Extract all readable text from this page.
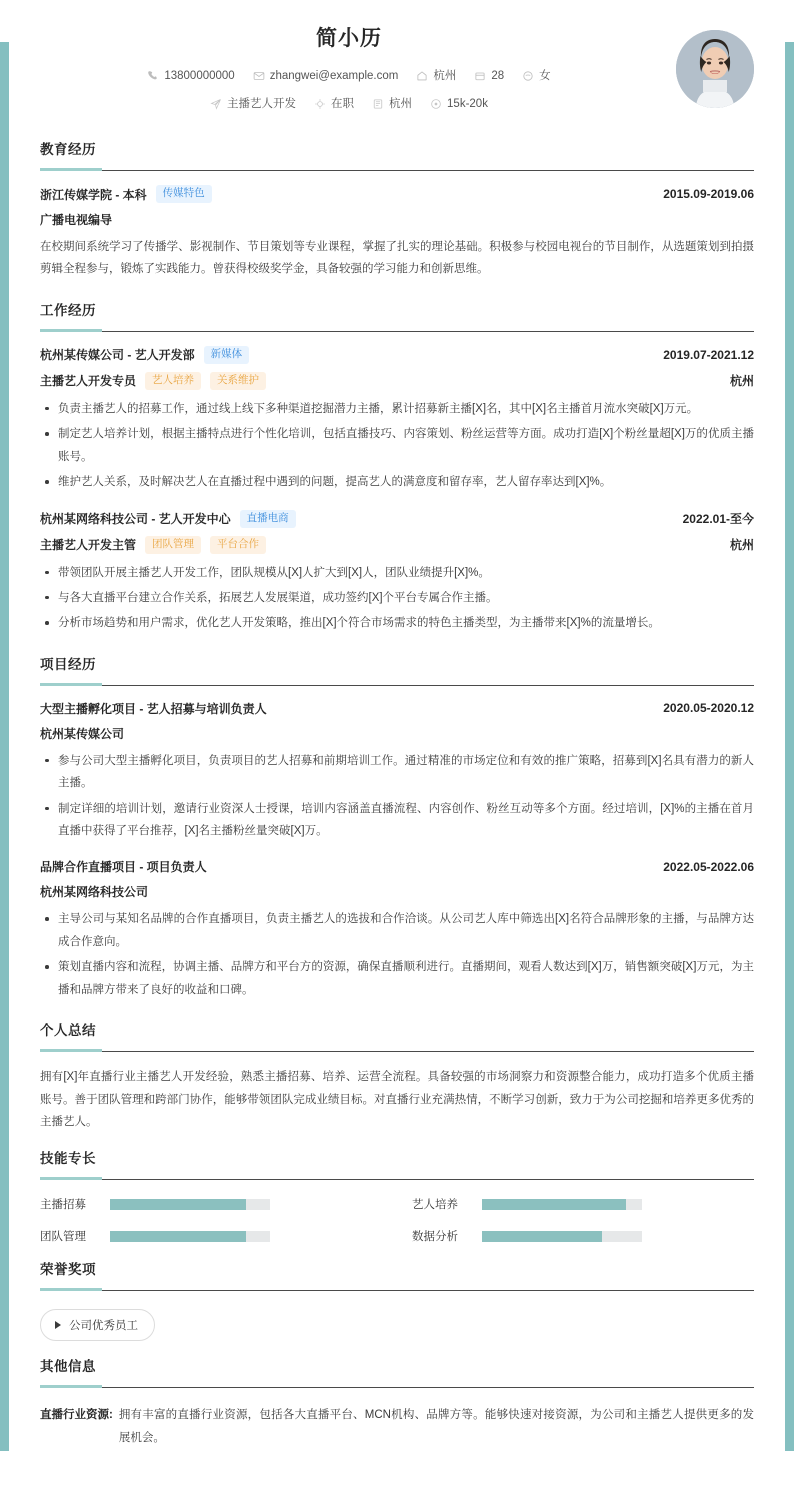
简小历
13800000000	zhangwei@example.com	杭州	28	女
主播艺人开发	在职	杭州	15k-20k
教育经历
浙江传媒学院 - 本科	传媒特色	2015.09-2019.06
广播电视编导
在校期间系统学习了传播学、影视制作、节目策划等专业课程，掌握了扎实的理论基础。积极参与校园电视台的节目制作，从选题策划到拍摄剪辑全程参与，锻炼了实践能力。曾获得校级奖学金，具备较强的学习能力和创新思维。
工作经历
杭州某传媒公司 - 艺人开发部	新媒体	2019.07-2021.12
主播艺人开发专员	艺人培养	关系维护	杭州
负责主播艺人的招募工作，通过线上线下多种渠道挖掘潜力主播，累计招募新主播[X]名，其中[X]名主播首月流水突破[X]万元。
制定艺人培养计划，根据主播特点进行个性化培训，包括直播技巧、内容策划、粉丝运营等方面。成功打造[X]个粉丝量超[X]万的优质主播账号。
维护艺人关系，及时解决艺人在直播过程中遇到的问题，提高艺人的满意度和留存率，艺人留存率达到[X]%。
杭州某网络科技公司 - 艺人开发中心	直播电商	2022.01-至今
主播艺人开发主管	团队管理	平台合作	杭州
带领团队开展主播艺人开发工作，团队规模从[X]人扩大到[X]人，团队业绩提升[X]%。
与各大直播平台建立合作关系，拓展艺人发展渠道，成功签约[X]个平台专属合作主播。
分析市场趋势和用户需求，优化艺人开发策略，推出[X]个符合市场需求的特色主播类型，为主播带来[X]%的流量增长。
项目经历
大型主播孵化项目 - 艺人招募与培训负责人	2020.05-2020.12
杭州某传媒公司
参与公司大型主播孵化项目，负责项目的艺人招募和前期培训工作。通过精准的市场定位和有效的推广策略，招募到[X]名具有潜力的新人主播。
制定详细的培训计划，邀请行业资深人士授课，培训内容涵盖直播流程、内容创作、粉丝互动等多个方面。经过培训，[X]%的主播在首月直播中获得了平台推荐，[X]名主播粉丝量突破[X]万。
品牌合作直播项目 - 项目负责人	2022.05-2022.06
杭州某网络科技公司
主导公司与某知名品牌的合作直播项目，负责主播艺人的选拔和合作洽谈。从公司艺人库中筛选出[X]名符合品牌形象的主播，与品牌方达成合作意向。
策划直播内容和流程，协调主播、品牌方和平台方的资源，确保直播顺利进行。直播期间，观看人数达到[X]万，销售额突破[X]万元，为主播和品牌方带来了良好的收益和口碑。
个人总结
拥有[X]年直播行业主播艺人开发经验，熟悉主播招募、培养、运营全流程。具备较强的市场洞察力和资源整合能力，成功打造多个优质主播账号。善于团队管理和跨部门协作，能够带领团队完成业绩目标。对直播行业充满热情，不断学习创新，致力于为公司挖掘和培养更多优秀的主播艺人。
技能专长
主播招募	艺人培养
团队管理	数据分析
荣誉奖项
公司优秀员工
其他信息
直播行业资源: 拥有丰富的直播行业资源，包括各大直播平台、MCN机构、品牌方等。能够快速对接资源，为公司和主播艺人提供更多的发展机会。
